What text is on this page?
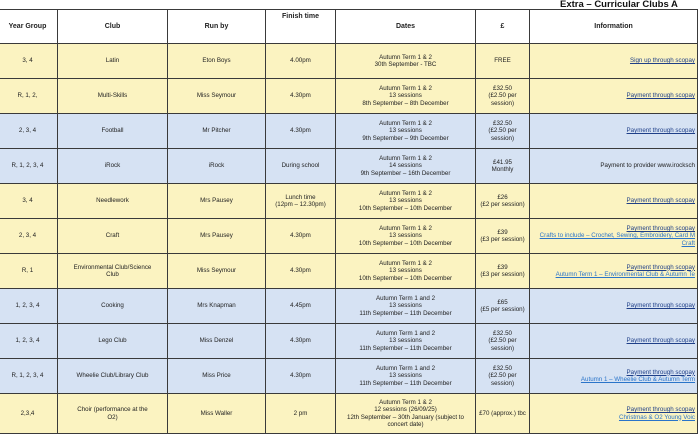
Extra – Curricular Clubs A
Year Group	Club	Run by	Finish time	Dates	£	Information
3, 4	Latin	Eton Boys	4.00pm	Autumn Term 1 & 2
30th September - TBC	FREE	Sign up through scopay

R, 1, 2,	Multi-Skills	Miss Seymour	4.30pm	Autumn Term 1 & 2
13 sessions
8th September – 8th December	£32.50
(£2.50 per
session)	Payment through scopay

2, 3, 4	Football	Mr Pitcher	4.30pm	Autumn Term 1 & 2
13 sessions
9th September – 9th December	£32.50
(£2.50 per
session)	Payment through scopay

R, 1, 2, 3, 4	iRock	iRock	During school	Autumn Term 1 & 2
14 sessions
9th September – 16th December	£41.95
Monthly	Payment to provider www.irocksch

3, 4	Needlework	Mrs Pausey	Lunch time
(12pm – 12.30pm)	Autumn Term 1 & 2
13 sessions
10th September – 10th December	£26
(£2 per session)	Payment through scopay

2, 3, 4	Craft	Mrs Pausey	4.30pm	Autumn Term 1 & 2
13 sessions
10th September – 10th December	£39
(£3 per session)	Payment through scopay
Crafts to include – Crochet, Sewing, Embroidery, Card M
Craft

R, 1	Environmental Club/Science
Club	Miss Seymour	4.30pm	Autumn Term 1 & 2
13 sessions
10th September – 10th December	£39
(£3 per session)	Payment through scopay
Autumn Term 1 – Environmental Club & Autumn Te

1, 2, 3, 4	Cooking	Mrs Knapman	4.45pm	Autumn Term 1 and 2
13 sessions
11th September – 11th December	£65
(£5 per session)	Payment through scopay

1, 2, 3, 4	Lego Club	Miss Denzel	4.30pm	Autumn Term 1 and 2
13 sessions
11th September – 11th December	£32.50
(£2.50 per
session)	Payment through scopay

R, 1, 2, 3, 4	Wheelie Club/Library Club	Miss Price	4.30pm	Autumn Term 1 and 2
13 sessions
11th September – 11th December	£32.50
(£2.50 per
session)	Payment through scopay
Autumn 1 – Wheelie Club & Autumn Term

2,3,4	Choir (performance at the
O2)	Miss Waller	2 pm	Autumn Term 1 & 2
12 sessions (26/09/25)
12th September – 30th January (subject to
concert date)	£70 (approx.) tbc	Payment through scopay
Christmas & O2 Young Voic
